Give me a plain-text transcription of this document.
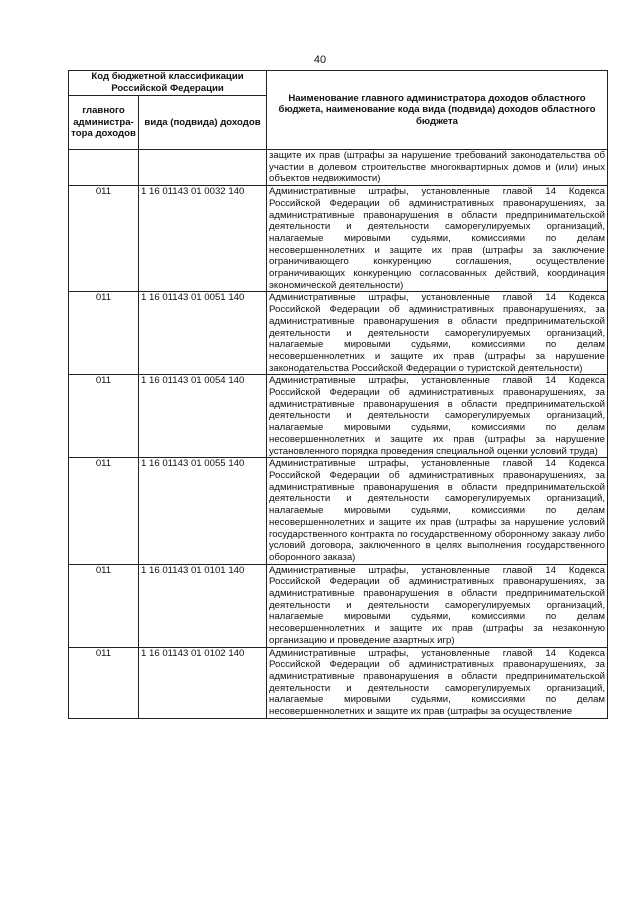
40
Код бюджетной классификации Российской Федерации		Наименование главного администратора доходов областного бюджета, наименование кода вида (подвида) доходов областного бюджета
главного администра-тора доходов	вида (подвида) доходов	
		защите их прав (штрафы за нарушение требований законодательства об участии в долевом строительстве многоквартирных домов и (или) иных объектов недвижимости)
011	1 16 01143 01 0032 140	Административные штрафы, установленные главой 14 Кодекса Российской Федерации об административных правонарушениях, за административные правонарушения в области предпринимательской деятельности и деятельности саморегулируемых организаций, налагаемые мировыми судьями, комиссиями по делам несовершеннолетних и защите их прав (штрафы за заключение ограничивающего конкуренцию соглашения, осуществление ограничивающих конкуренцию согласованных действий, координация экономической деятельности)
011	1 16 01143 01 0051 140	Административные штрафы, установленные главой 14 Кодекса Российской Федерации об административных правонарушениях, за административные правонарушения в области предпринимательской деятельности и деятельности саморегулируемых организаций, налагаемые мировыми судьями, комиссиями по делам несовершеннолетних и защите их прав (штрафы за нарушение законодательства Российской Федерации о туристской деятельности)
011	1 16 01143 01 0054 140	Административные штрафы, установленные главой 14 Кодекса Российской Федерации об административных правонарушениях, за административные правонарушения в области предпринимательской деятельности и деятельности саморегулируемых организаций, налагаемые мировыми судьями, комиссиями по делам несовершеннолетних и защите их прав (штрафы за нарушение установленного порядка проведения специальной оценки условий труда)
011	1 16 01143 01 0055 140	Административные штрафы, установленные главой 14 Кодекса Российской Федерации об административных правонарушениях, за административные правонарушения в области предпринимательской деятельности и деятельности саморегулируемых организаций, налагаемые мировыми судьями, комиссиями по делам несовершеннолетних и защите их прав (штрафы за нарушение условий государственного контракта по государственному оборонному заказу либо условий договора, заключенного в целях выполнения государственного оборонного заказа)
011	1 16 01143 01 0101 140	Административные штрафы, установленные главой 14 Кодекса Российской Федерации об административных правонарушениях, за административные правонарушения в области предпринимательской деятельности и деятельности саморегулируемых организаций, налагаемые мировыми судьями, комиссиями по делам несовершеннолетних и защите их прав (штрафы за незаконную организацию и проведение азартных игр)
011	1 16 01143 01 0102 140	Административные штрафы, установленные главой 14 Кодекса Российской Федерации об административных правонарушениях, за административные правонарушения в области предпринимательской деятельности и деятельности саморегулируемых организаций, налагаемые мировыми судьями, комиссиями по делам несовершеннолетних и защите их прав (штрафы за осуществление
